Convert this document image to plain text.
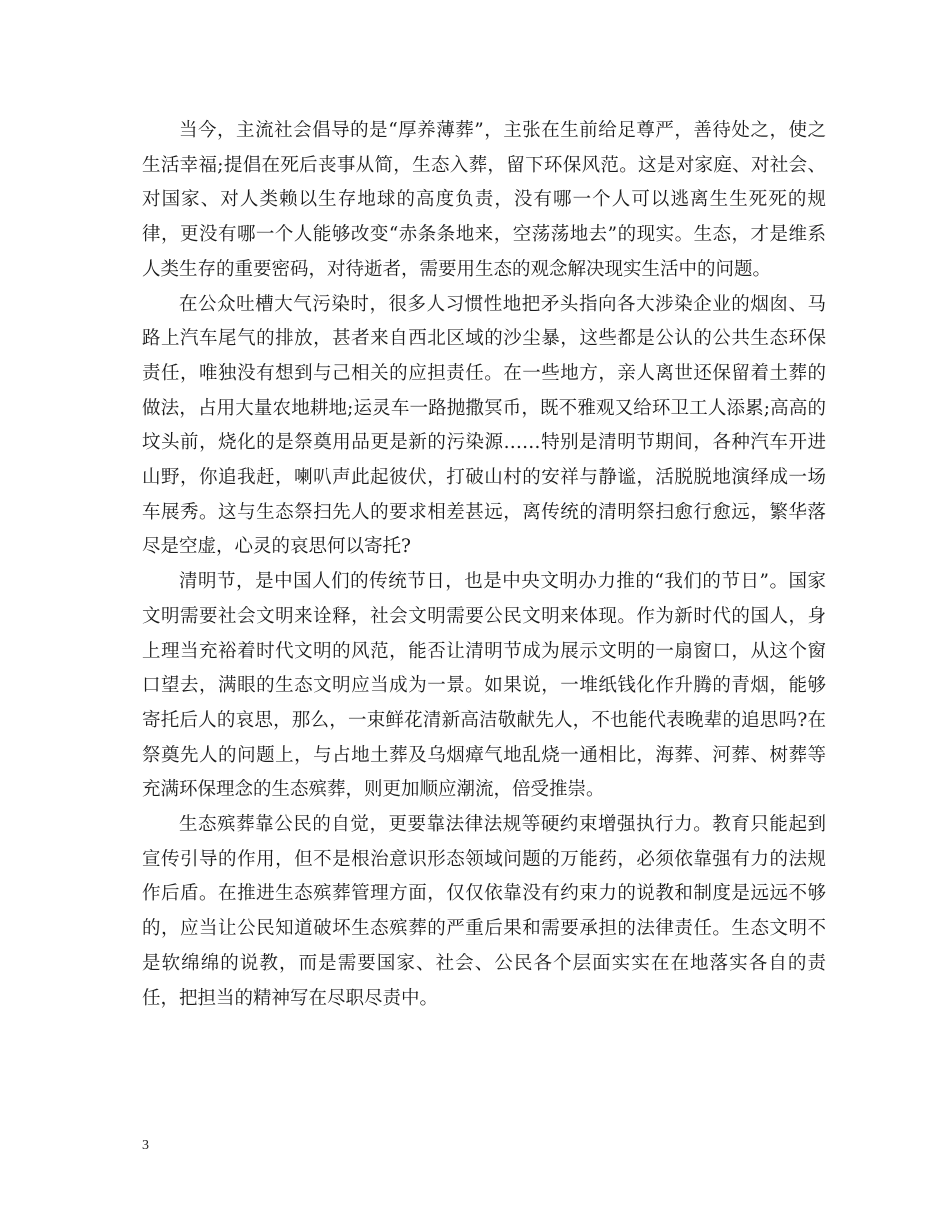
当今，主流社会倡导的是“厚养薄葬”，主张在生前给足尊严，善待处之，使之生活幸福;提倡在死后丧事从简，生态入葬，留下环保风范。这是对家庭、对社会、对国家、对人类赖以生存地球的高度负责，没有哪一个人可以逃离生生死死的规律，更没有哪一个人能够改变“赤条条地来，空荡荡地去”的现实。生态，才是维系人类生存的重要密码，对待逝者，需要用生态的观念解决现实生活中的问题。

在公众吐槽大气污染时，很多人习惯性地把矛头指向各大涉染企业的烟囱、马路上汽车尾气的排放，甚者来自西北区域的沙尘暴，这些都是公认的公共生态环保责任，唯独没有想到与己相关的应担责任。在一些地方，亲人离世还保留着土葬的做法，占用大量农地耕地;运灵车一路抛撒冥币，既不雅观又给环卫工人添累;高高的坟头前，烧化的是祭奠用品更是新的污染源……特别是清明节期间，各种汽车开进山野，你追我赶，喇叭声此起彼伏，打破山村的安祥与静谧，活脱脱地演绎成一场车展秀。这与生态祭扫先人的要求相差甚远，离传统的清明祭扫愈行愈远，繁华落尽是空虚，心灵的哀思何以寄托?

清明节，是中国人们的传统节日，也是中央文明办力推的“我们的节日”。国家文明需要社会文明来诠释，社会文明需要公民文明来体现。作为新时代的国人，身上理当充裕着时代文明的风范，能否让清明节成为展示文明的一扇窗口，从这个窗口望去，满眼的生态文明应当成为一景。如果说，一堆纸钱化作升腾的青烟，能够寄托后人的哀思，那么，一束鲜花清新高洁敬献先人，不也能代表晚辈的追思吗?在祭奠先人的问题上，与占地土葬及乌烟瘴气地乱烧一通相比，海葬、河葬、树葬等充满环保理念的生态殡葬，则更加顺应潮流，倍受推崇。

生态殡葬靠公民的自觉，更要靠法律法规等硬约束增强执行力。教育只能起到宣传引导的作用，但不是根治意识形态领域问题的万能药，必须依靠强有力的法规作后盾。在推进生态殡葬管理方面，仅仅依靠没有约束力的说教和制度是远远不够的，应当让公民知道破坏生态殡葬的严重后果和需要承担的法律责任。生态文明不是软绵绵的说教，而是需要国家、社会、公民各个层面实实在在地落实各自的责任，把担当的精神写在尽职尽责中。

3
